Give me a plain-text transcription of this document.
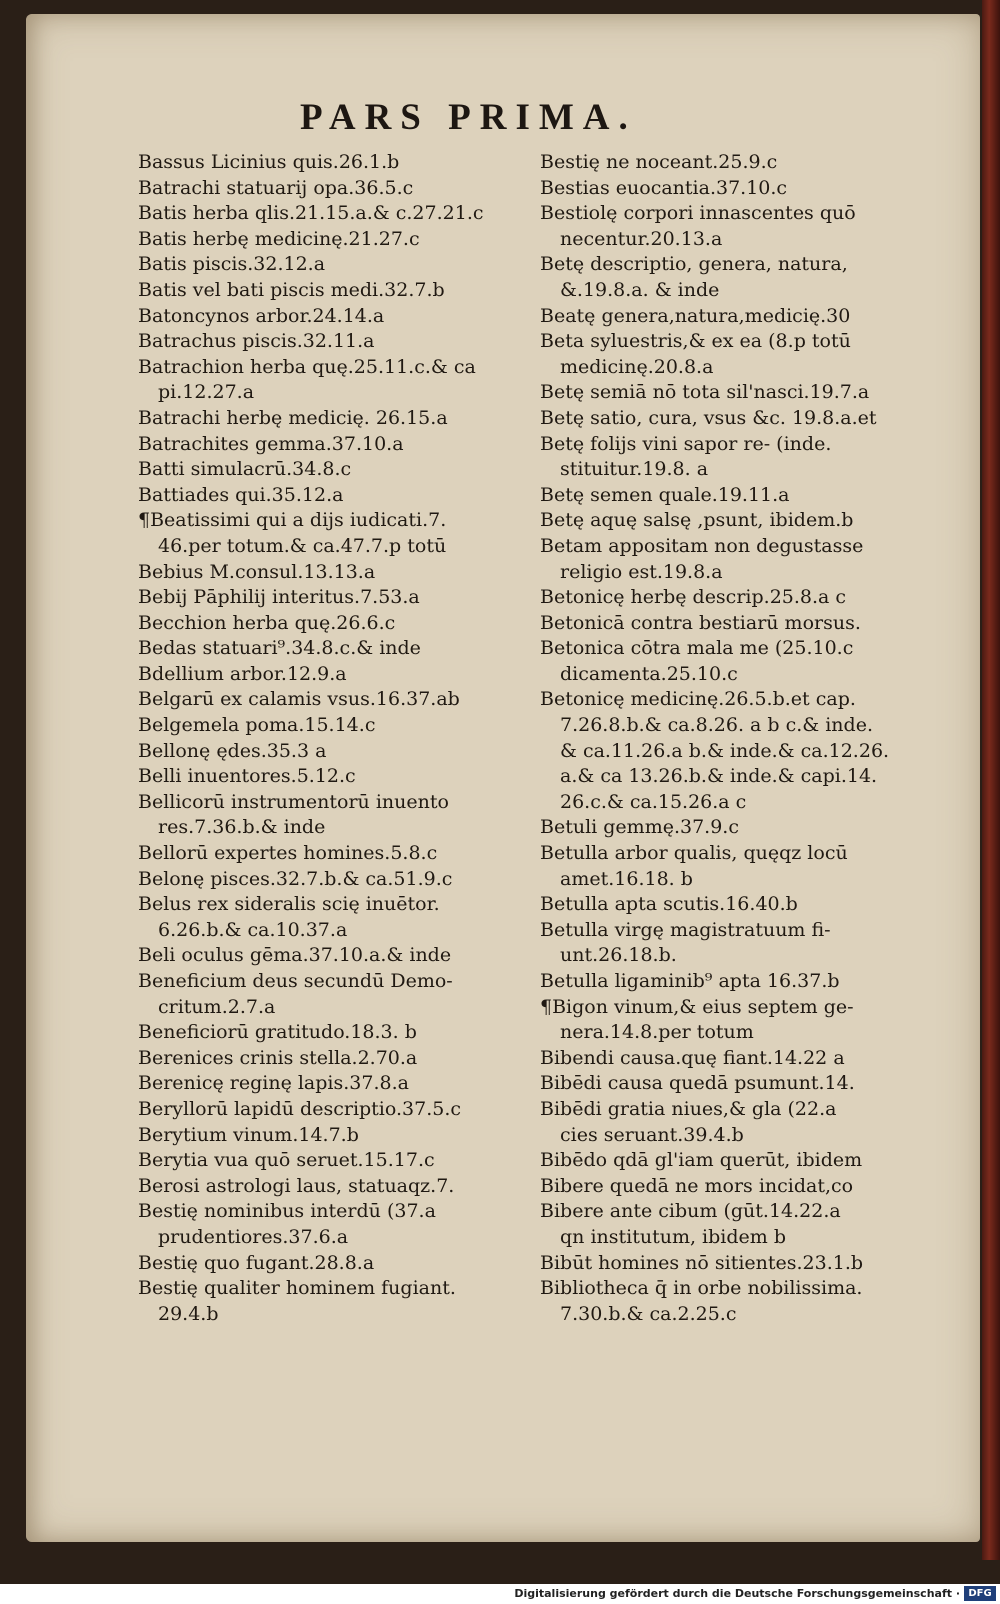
PARS PRIMA.
Bassus Licinius quis.26.1.b
Batrachi statuarij opa.36.5.c
Batis herba qlis.21.15.a.& c.27.21.c
Batis herbę medicinę.21.27.c
Batis piscis.32.12.a
Batis vel bati piscis medi.32.7.b
Batoncynos arbor.24.14.a
Batrachus piscis.32.11.a
Batrachion herba quę.25.11.c.& ca
pi.12.27.a
Batrachi herbę medicię. 26.15.a
Batrachites gemma.37.10.a
Batti simulacrū.34.8.c
Battiades qui.35.12.a
¶Beatissimi qui a dijs iudicati.7.
46.per totum.& ca.47.7.p totū
Bebius M.consul.13.13.a
Bebij Pāphilij interitus.7.53.a
Becchion herba quę.26.6.c
Bedas statuari⁹.34.8.c.& inde
Bdellium arbor.12.9.a
Belgarū ex calamis vsus.16.37.ab
Belgemela poma.15.14.c
Bellonę ędes.35.3 a
Belli inuentores.5.12.c
Bellicorū instrumentorū inuento
res.7.36.b.& inde
Bellorū expertes homines.5.8.c
Belonę pisces.32.7.b.& ca.51.9.c
Belus rex sideralis scię inuētor.
6.26.b.& ca.10.37.a
Beli oculus gēma.37.10.a.& inde
Beneficium deus secundū Demo-
critum.2.7.a
Beneficiorū gratitudo.18.3. b
Berenices crinis stella.2.70.a
Berenicę reginę lapis.37.8.a
Beryllorū lapidū descriptio.37.5.c
Berytium vinum.14.7.b
Berytia vua quō seruet.15.17.c
Berosi astrologi laus, statuaqz.7.
Bestię nominibus interdū (37.a
prudentiores.37.6.a
Bestię quo fugant.28.8.a
Bestię qualiter hominem fugiant.
29.4.b
Bestię ne noceant.25.9.c
Bestias euocantia.37.10.c
Bestiolę corpori innascentes quō
necentur.20.13.a
Betę descriptio, genera, natura,
&.19.8.a. & inde
Beatę genera,natura,medicię.30
Beta syluestris,& ex ea (8.p totū
medicinę.20.8.a
Betę semiā nō tota sil'nasci.19.7.a
Betę satio, cura, vsus &c. 19.8.a.et
Betę folijs vini sapor re- (inde.
stituitur.19.8. a
Betę semen quale.19.11.a
Betę aquę salsę ,psunt, ibidem.b
Betam appositam non degustasse
religio est.19.8.a
Betonicę herbę descrip.25.8.a c
Betonicā contra bestiarū morsus.
Betonica cōtra mala me (25.10.c
dicamenta.25.10.c
Betonicę medicinę.26.5.b.et cap.
7.26.8.b.& ca.8.26. a b c.& inde.
& ca.11.26.a b.& inde.& ca.12.26.
a.& ca 13.26.b.& inde.& capi.14.
26.c.& ca.15.26.a c
Betuli gemmę.37.9.c
Betulla arbor qualis, quęqz locū
amet.16.18. b
Betulla apta scutis.16.40.b
Betulla virgę magistratuum fi-
unt.26.18.b.
Betulla ligaminib⁹ apta 16.37.b
¶Bigon vinum,& eius septem ge-
nera.14.8.per totum
Bibendi causa.quę fiant.14.22 a
Bibēdi causa quedā psumunt.14.
Bibēdi gratia niues,& gla (22.a
cies seruant.39.4.b
Bibēdo qdā gl'iam querūt, ibidem
Bibere quedā ne mors incidat,co
Bibere ante cibum (gūt.14.22.a
qn institutum, ibidem b
Bibūt homines nō sitientes.23.1.b
Bibliotheca q̄ in orbe nobilissima.
7.30.b.& ca.2.25.c
Digitalisierung gefördert durch die Deutsche Forschungsgemeinschaft · DFG
